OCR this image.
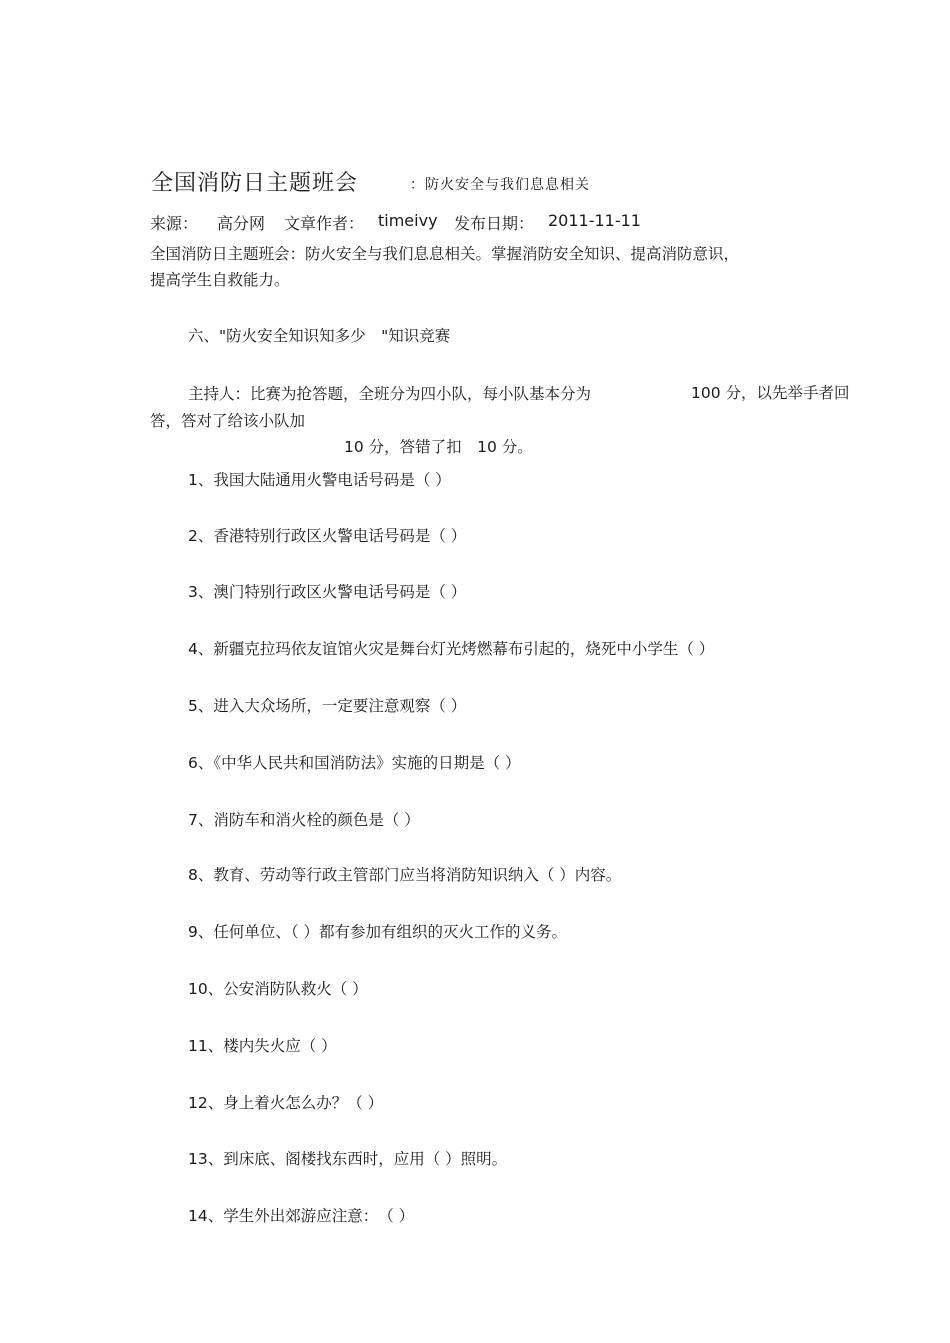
全国消防日主题班会	：防火安全与我们息息相关
来源： 高分网 文章作者： timeivy 发布日期： 2011-11-11
全国消防日主题班会：防火安全与我们息息相关。掌握消防安全知识、提高消防意识，
提高学生自救能力。
六、"防火安全知识知多少　"知识竞赛
主持人：比赛为抢答题，全班分为四小队，每小队基本分为	100 分，以先举手者回
答，答对了给该小队加
10 分，答错了扣　10 分。
1、我国大陆通用火警电话号码是（ ）
2、香港特别行政区火警电话号码是（ ）
3、澳门特别行政区火警电话号码是（ ）
4、新疆克拉玛依友谊馆火灾是舞台灯光烤燃幕布引起的，烧死中小学生（ ）
5、进入大众场所，一定要注意观察（ ）
6、《中华人民共和国消防法》实施的日期是（ ）
7、消防车和消火栓的颜色是（ ）
8、教育、劳动等行政主管部门应当将消防知识纳入（ ）内容。
9、任何单位、（ ）都有参加有组织的灭火工作的义务。
10、公安消防队救火（ ）
11、楼内失火应（ ）
12、身上着火怎么办？（ ）
13、到床底、阁楼找东西时，应用（ ）照明。
14、学生外出郊游应注意：　（ ）
